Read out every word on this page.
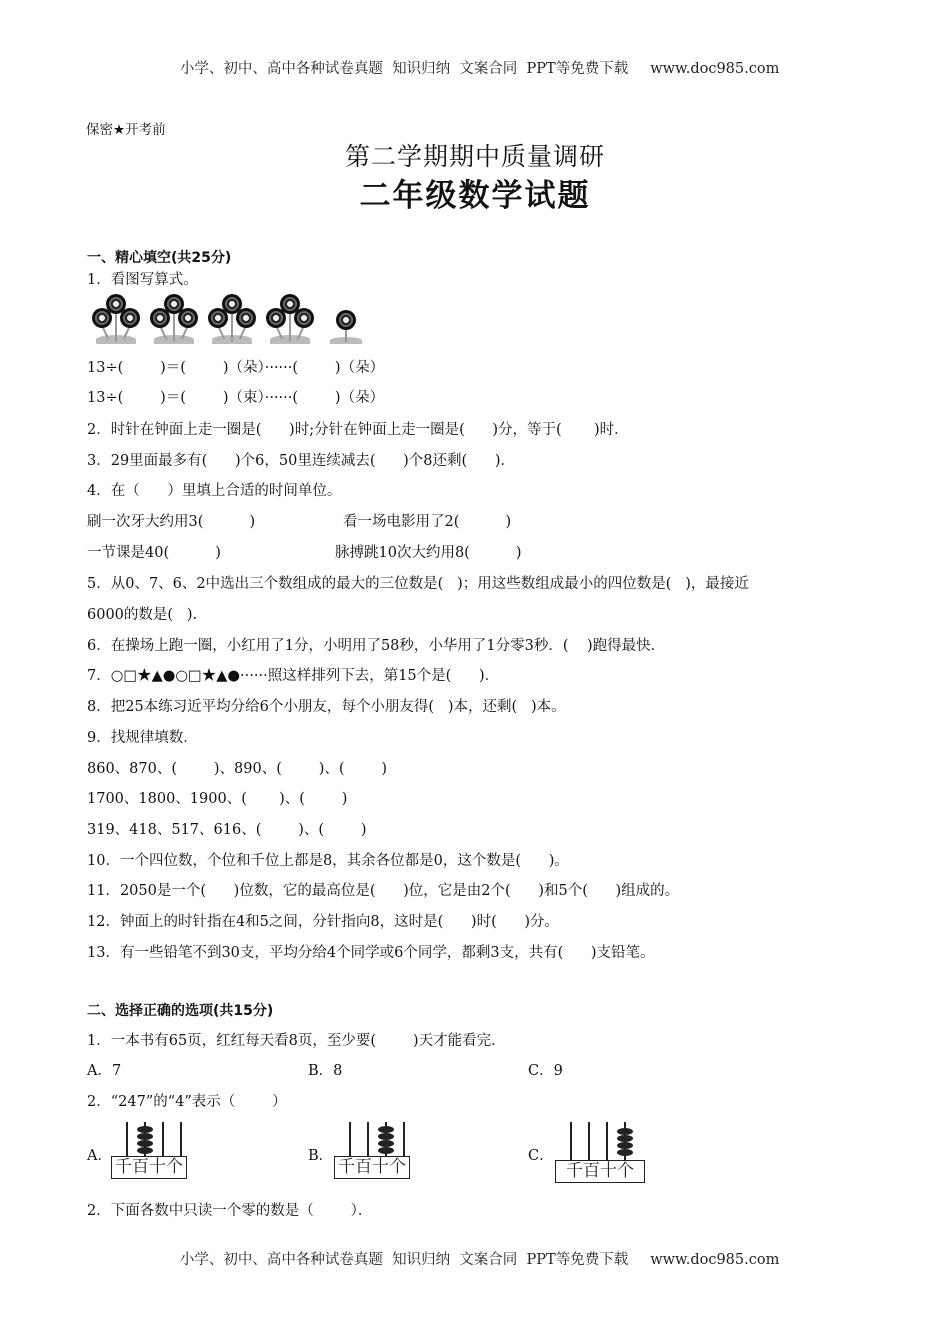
小学、初中、高中各种试卷真题  知识归纳  文案合同  PPT等免费下载 www.doc985.com

保密★开考前
第二学期期中质量调研
二年级数学试题
一、精心填空(共25分)
1．看图写算式。
13÷(        )＝(        )（朵）······(        )（朵）
13÷(        )＝(        )（束）······(        )（朵）
2．时针在钟面上走一圈是(      )时;分针在钟面上走一圈是(      )分，等于(       )时．
3．29里面最多有(      )个6，50里连续减去(      )个8还剩(      )．
4．在（      ）里填上合适的时间单位。
刷一次牙大约用3(          )	看一场电影用了2(          )
一节课是40(          )	脉搏跳10次大约用8(          )
5．从0、7、6、2中选出三个数组成的最大的三位数是(   )；用这些数组成最小的四位数是(   )，最接近
6000的数是(   ).
6．在操场上跑一圈，小红用了1分，小明用了58秒，小华用了1分零3秒．(    )跑得最快．
7．○□★▲●○□★▲●······照这样排列下去，第15个是(      )．
8．把25本练习近平均分给6个小朋友，每个小朋友得(   )本，还剩(   )本。
9．找规律填数．
860、870、(        )、890、(        )、(        )
1700、1800、1900、(       )、(        )
319、418、517、616、(        )、(        )
10．一个四位数，个位和千位上都是8，其余各位都是0，这个数是(      )。
11．2050是一个(      )位数，它的最高位是(      )位，它是由2个(      )和5个(      )组成的。
12．钟面上的时针指在4和5之间，分针指向8，这时是(      )时(      )分。
13．有一些铅笔不到30支，平均分给4个同学或6个同学，都剩3支，共有(      )支铅笔。
二、选择正确的选项(共15分)
1．一本书有65页，红红每天看8页，至少要(        )天才能看完．
A．7	B．8	C．9
2．“247”的“4”表示（        ）
A．
千百十个
B．
千百十个
C．
千百十个
2．下面各数中只读一个零的数是（        ）．

小学、初中、高中各种试卷真题  知识归纳  文案合同  PPT等免费下载 www.doc985.com
